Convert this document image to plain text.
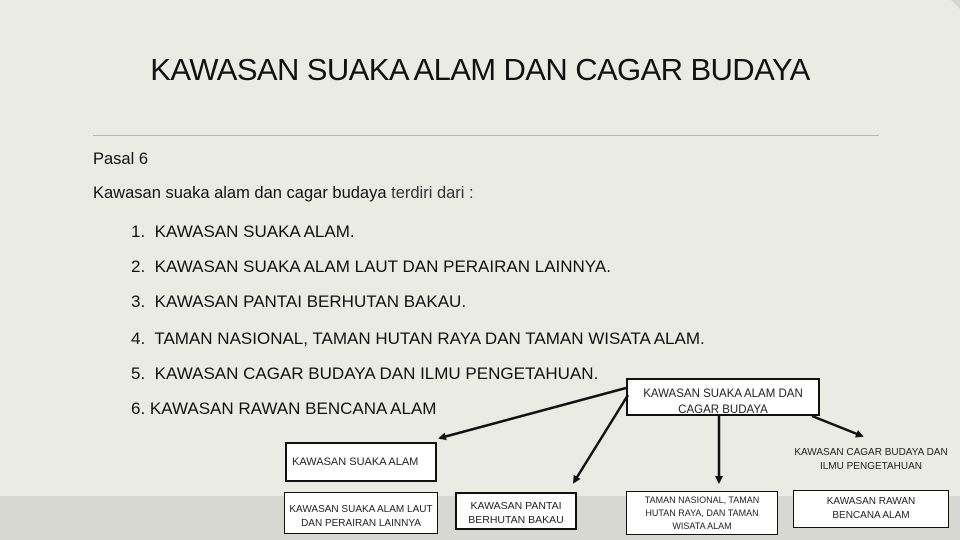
KAWASAN SUAKA ALAM DAN CAGAR BUDAYA
Pasal 6
Kawasan suaka alam dan cagar budaya terdiri dari :
1. KAWASAN SUAKA ALAM.
2. KAWASAN SUAKA ALAM LAUT DAN PERAIRAN LAINNYA.
3. KAWASAN PANTAI BERHUTAN BAKAU.
4. TAMAN NASIONAL, TAMAN HUTAN RAYA DAN TAMAN WISATA ALAM.
5. KAWASAN CAGAR BUDAYA DAN ILMU PENGETAHUAN.
6. KAWASAN RAWAN BENCANA ALAM
KAWASAN SUAKA ALAM DAN CAGAR BUDAYA
KAWASAN SUAKA ALAM
KAWASAN CAGAR BUDAYA DAN ILMU PENGETAHUAN
KAWASAN SUAKA ALAM LAUT DAN PERAIRAN LAINNYA
KAWASAN PANTAI BERHUTAN BAKAU
TAMAN NASIONAL, TAMAN HUTAN RAYA, DAN TAMAN WISATA ALAM
KAWASAN RAWAN BENCANA ALAM
